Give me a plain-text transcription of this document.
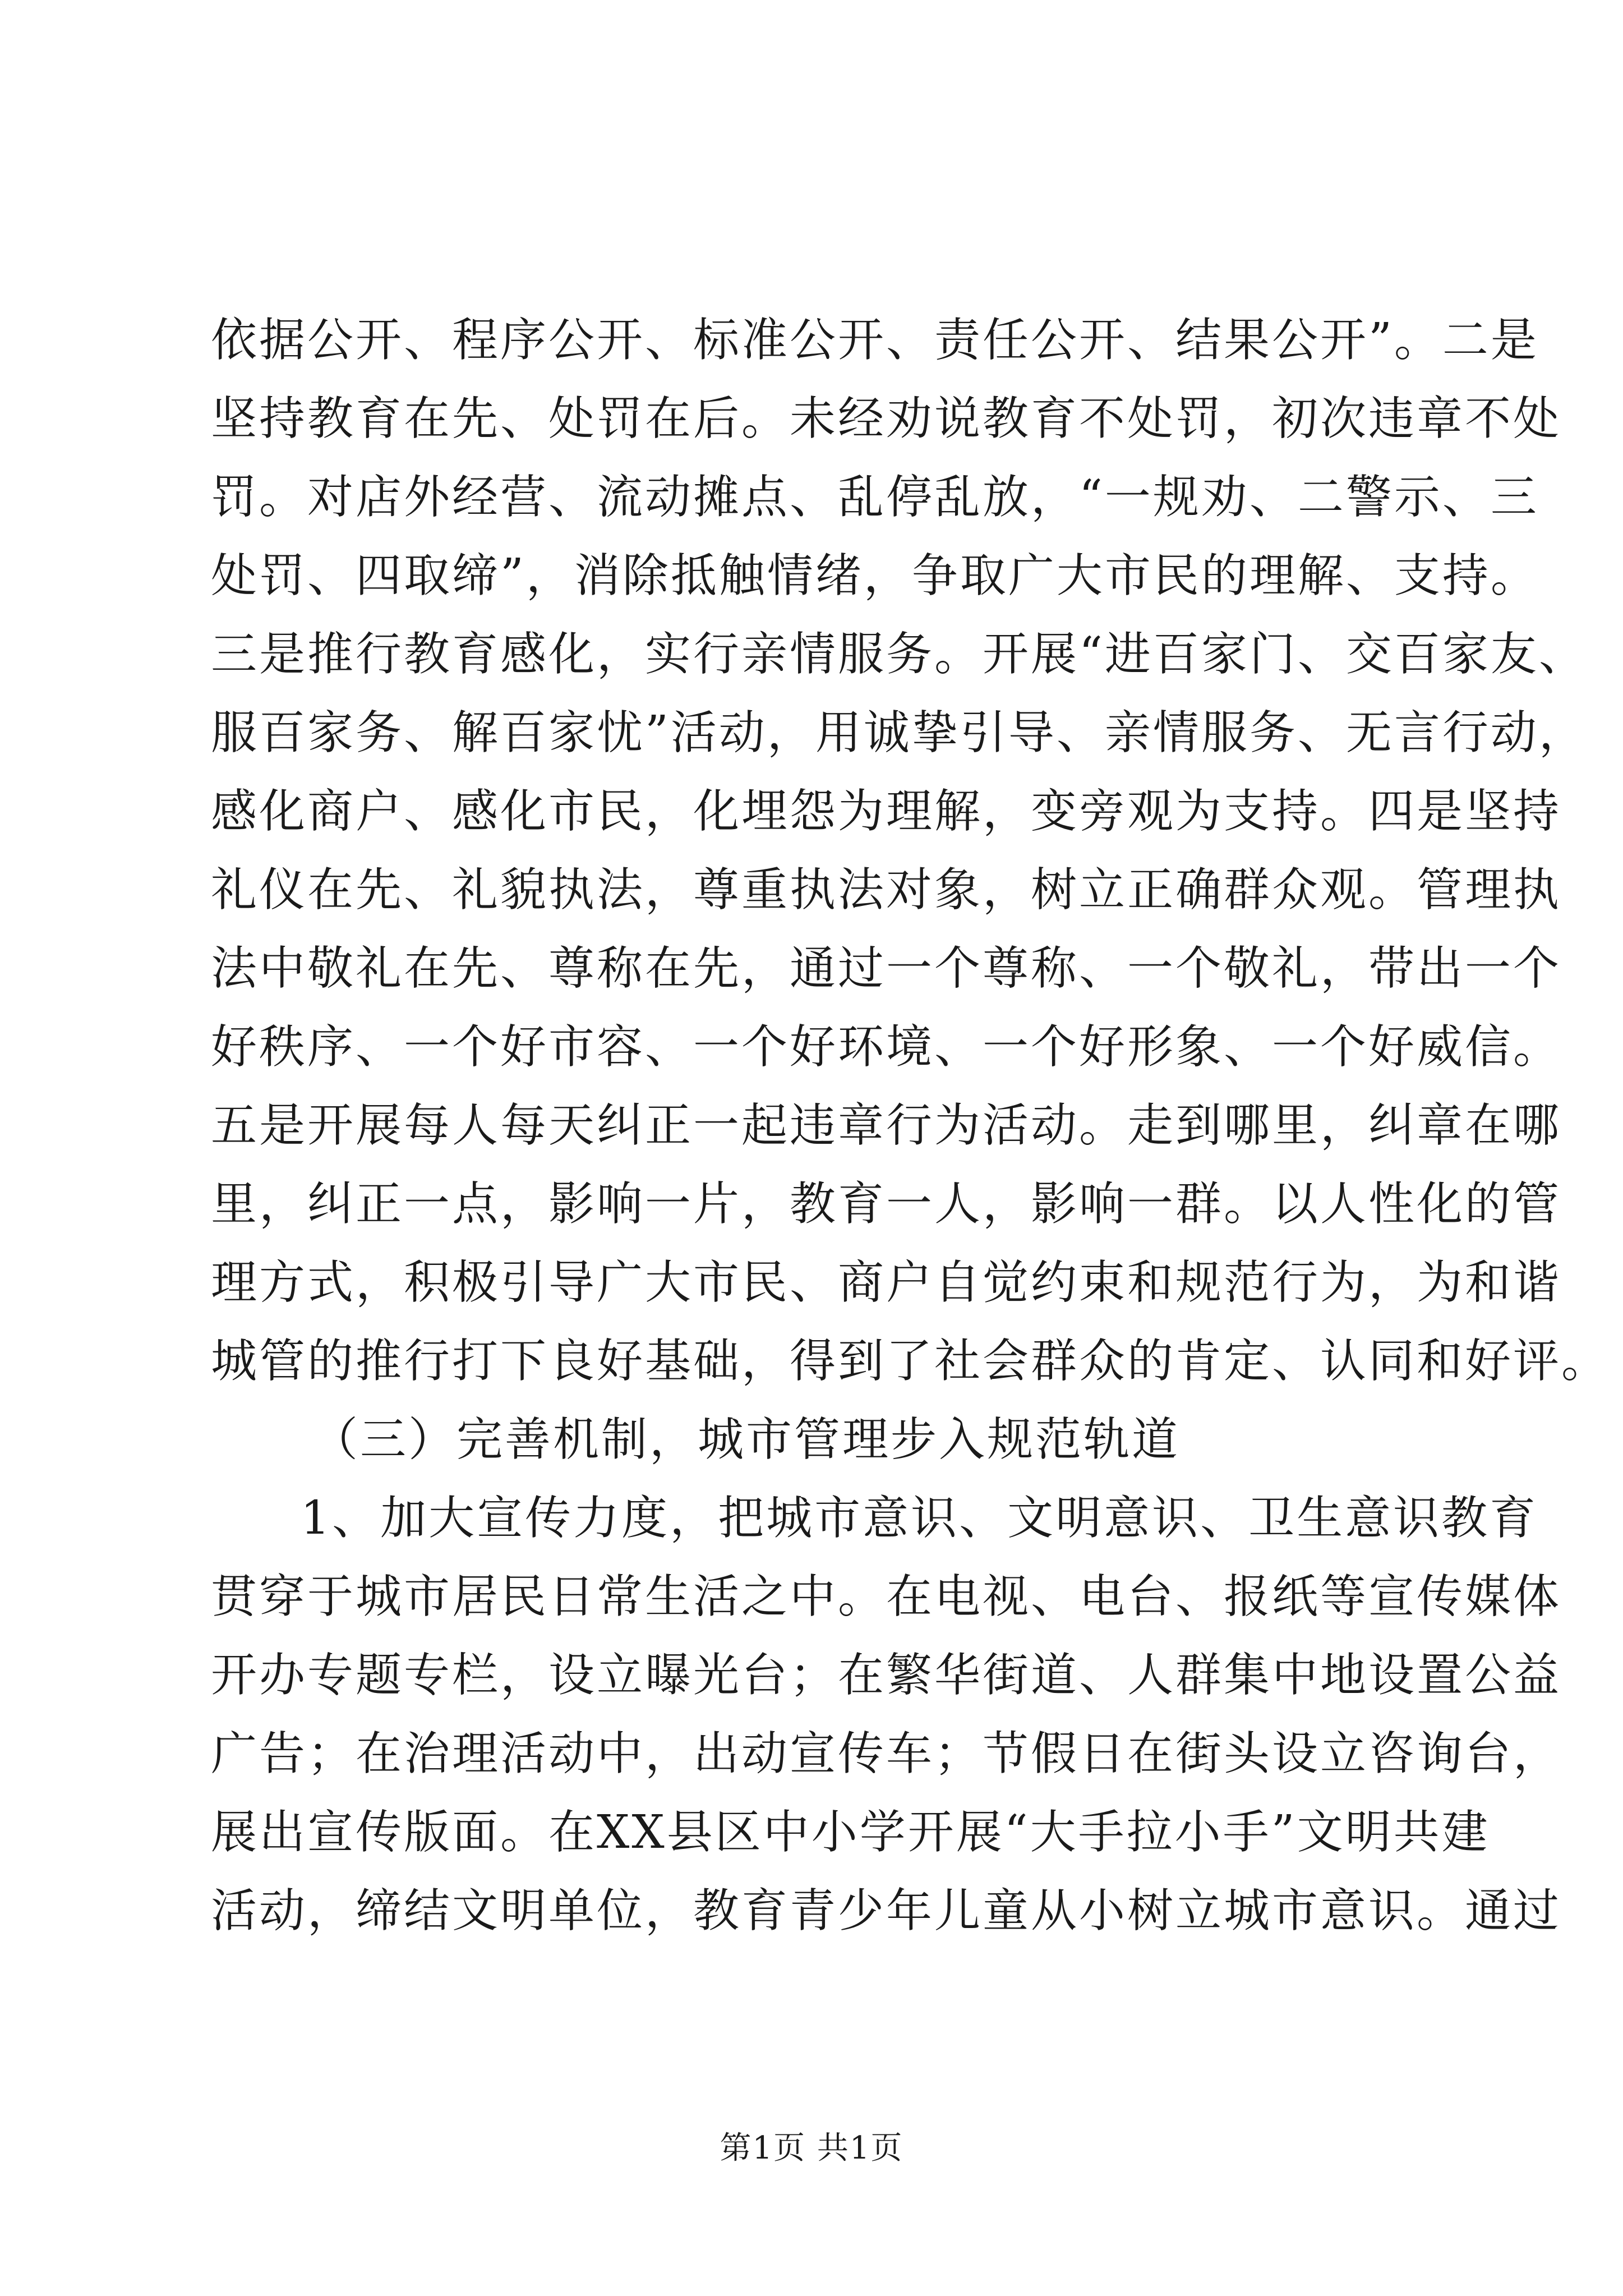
依据公开、程序公开、标准公开、责任公开、结果公开”。二是
坚持教育在先、处罚在后。未经劝说教育不处罚，初次违章不处
罚。对店外经营、流动摊点、乱停乱放，“一规劝、二警示、三
处罚、四取缔”，消除抵触情绪，争取广大市民的理解、支持。
三是推行教育感化，实行亲情服务。开展“进百家门、交百家友、
服百家务、解百家忧”活动，用诚挚引导、亲情服务、无言行动，
感化商户、感化市民，化埋怨为理解，变旁观为支持。四是坚持
礼仪在先、礼貌执法，尊重执法对象，树立正确群众观。管理执
法中敬礼在先、尊称在先，通过一个尊称、一个敬礼，带出一个
好秩序、一个好市容、一个好环境、一个好形象、一个好威信。
五是开展每人每天纠正一起违章行为活动。走到哪里，纠章在哪
里，纠正一点，影响一片，教育一人，影响一群。以人性化的管
理方式，积极引导广大市民、商户自觉约束和规范行为，为和谐
城管的推行打下良好基础，得到了社会群众的肯定、认同和好评。
（三）完善机制，城市管理步入规范轨道
1、加大宣传力度，把城市意识、文明意识、卫生意识教育
贯穿于城市居民日常生活之中。在电视、电台、报纸等宣传媒体
开办专题专栏，设立曝光台；在繁华街道、人群集中地设置公益
广告；在治理活动中，出动宣传车；节假日在街头设立咨询台，
展出宣传版面。在XX县区中小学开展“大手拉小手”文明共建
活动，缔结文明单位，教育青少年儿童从小树立城市意识。通过
第1页 共1页
